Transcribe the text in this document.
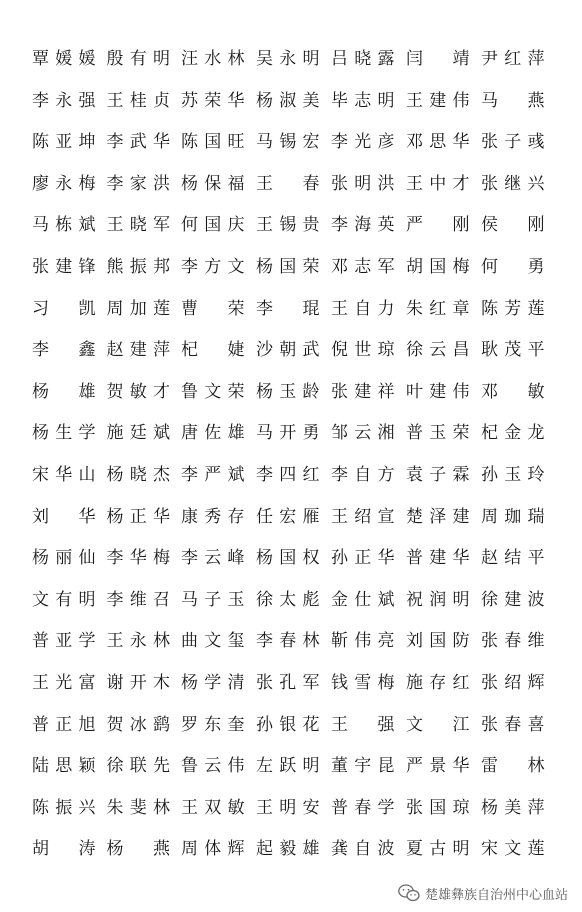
覃媛媛 殷有明 汪水林 吴永明 吕晓露 闫靖 尹红萍
李永强 王桂贞 苏荣华 杨淑美 毕志明 王建伟 马燕
陈亚坤 李武华 陈国旺 马锡宏 李光彦 邓思华 张子彧
廖永梅 李家洪 杨保福 王春 张明洪 王中才 张继兴
马栋斌 王晓军 何国庆 王锡贵 李海英 严刚 侯刚
张建锋 熊振邦 李方文 杨国荣 邓志军 胡国梅 何勇
习凯 周加莲 曹荣 李琨 王自力 朱红章 陈芳莲
李鑫 赵建萍 杞婕 沙朝武 倪世琼 徐云昌 耿茂平
杨雄 贺敏才 鲁文荣 杨玉龄 张建祥 叶建伟 邓敏
杨生学 施廷斌 唐佐雄 马开勇 邹云湘 普玉荣 杞金龙
宋华山 杨晓杰 李严斌 李四红 李自方 袁子霖 孙玉玲
刘华 杨正华 康秀存 任宏雁 王绍宣 楚泽建 周珈瑞
杨丽仙 李华梅 李云峰 杨国权 孙正华 普建华 赵结平
文有明 李维召 马子玉 徐太彪 金仕斌 祝润明 徐建波
普亚学 王永林 曲文玺 李春林 靳伟亮 刘国防 张春维
王光富 谢开木 杨学清 张孔军 钱雪梅 施存红 张绍辉
普正旭 贺冰鹞 罗东奎 孙银花 王强 文江 张春喜
陆思颖 徐联先 鲁云伟 左跃明 董宇昆 严景华 雷林
陈振兴 朱斐林 王双敏 王明安 普春学 张国琼 杨美萍
胡涛 杨燕 周体辉 起毅雄 龚自波 夏古明 宋文莲
楚雄彝族自治州中心血站
